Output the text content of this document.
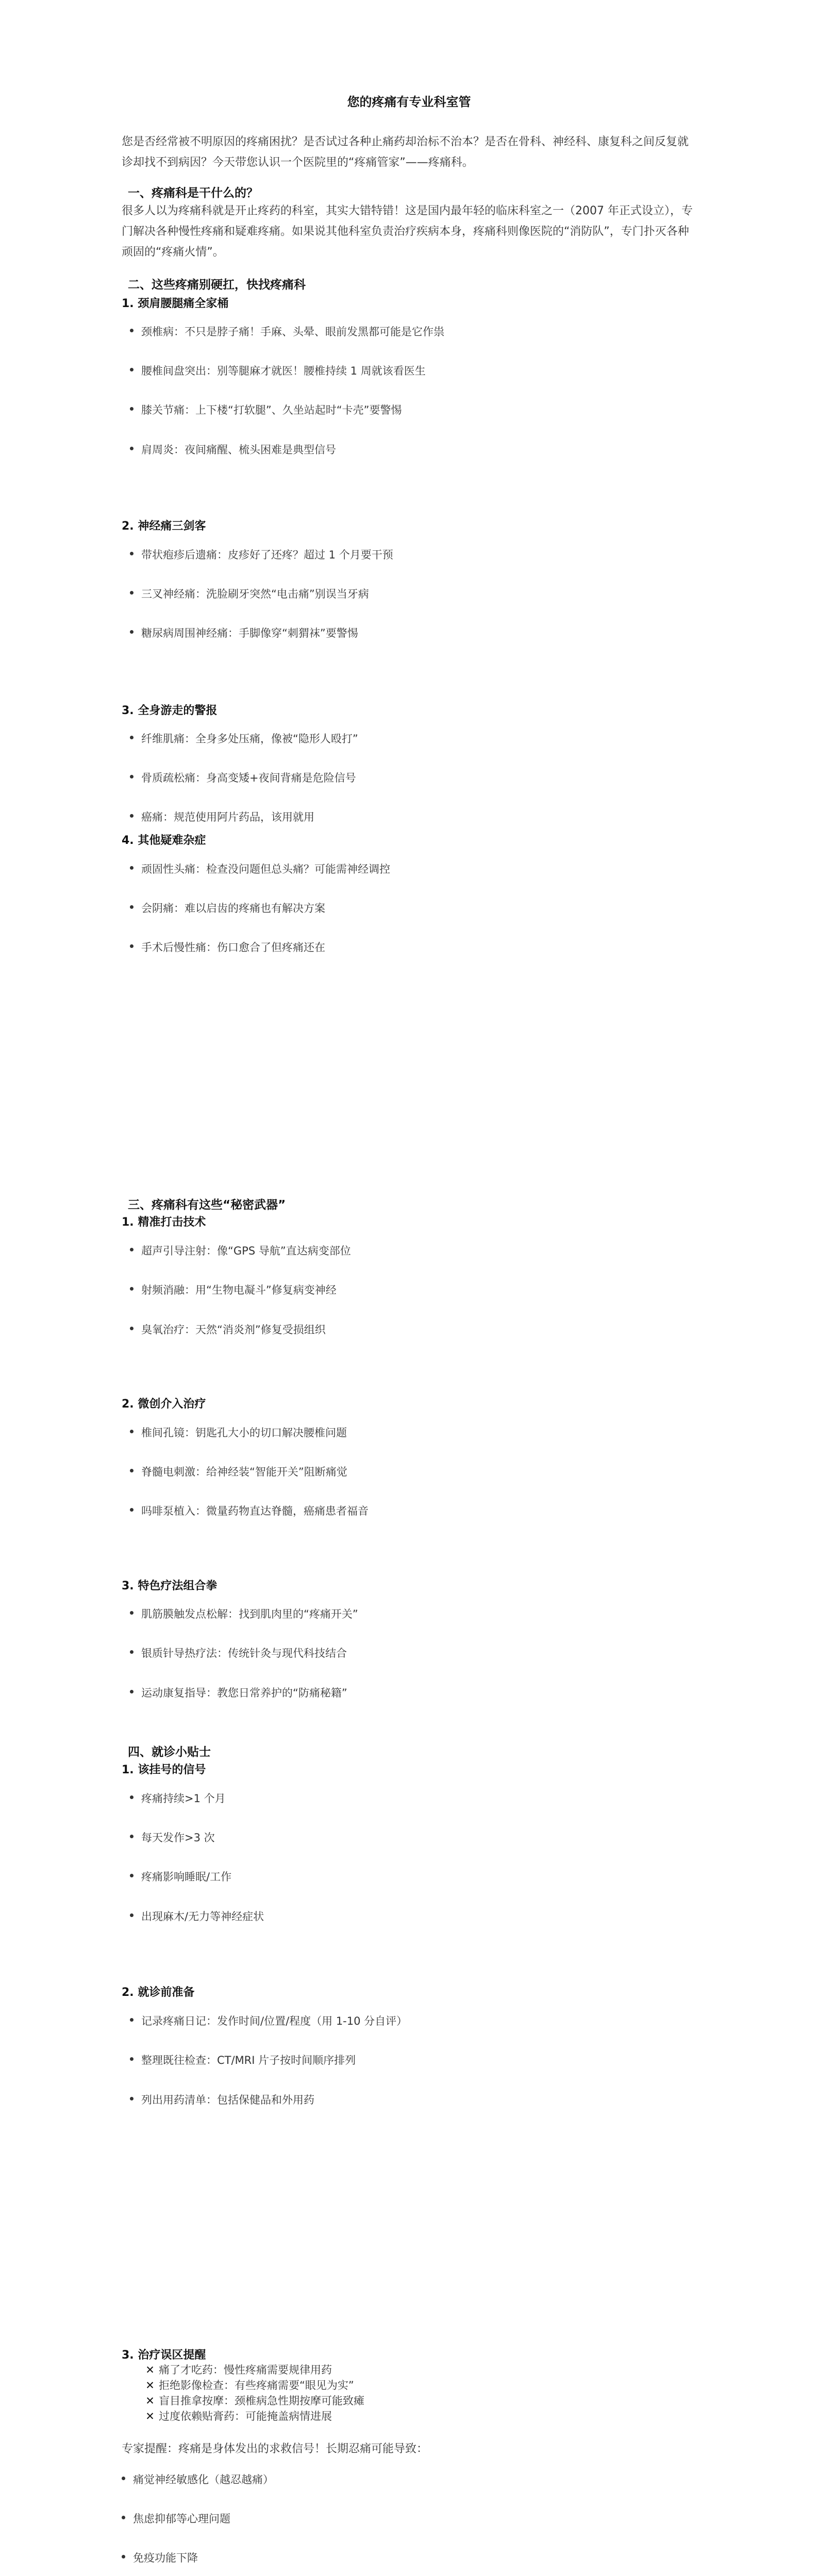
您的疼痛有专业科室管
您是否经常被不明原因的疼痛困扰？是否试过各种止痛药却治标不治本？是否在骨科、神经科、康复科之间反复就诊却找不到病因？今天带您认识一个医院里的“疼痛管家”——疼痛科。
一、疼痛科是干什么的？
很多人以为疼痛科就是开止疼药的科室，其实大错特错！这是国内最年轻的临床科室之一（2007 年正式设立），专门解决各种慢性疼痛和疑难疼痛。如果说其他科室负责治疗疾病本身，疼痛科则像医院的“消防队”，专门扑灭各种顽固的“疼痛火情”。
二、这些疼痛别硬扛，快找疼痛科
1. 颈肩腰腿痛全家桶
颈椎病：不只是脖子痛！手麻、头晕、眼前发黑都可能是它作祟
腰椎间盘突出：别等腿麻才就医！腰椎持续 1 周就该看医生
膝关节痛：上下楼“打软腿”、久坐站起时“卡壳”要警惕
肩周炎：夜间痛醒、梳头困难是典型信号
2. 神经痛三剑客
带状疱疹后遗痛：皮疹好了还疼？超过 1 个月要干预
三叉神经痛：洗脸刷牙突然“电击痛”别误当牙病
糖尿病周围神经痛：手脚像穿“刺猬袜”要警惕
3. 全身游走的警报
纤维肌痛：全身多处压痛，像被“隐形人殴打”
骨质疏松痛：身高变矮+夜间背痛是危险信号
癌痛：规范使用阿片药品，该用就用
4. 其他疑难杂症
顽固性头痛：检查没问题但总头痛？可能需神经调控
会阴痛：难以启齿的疼痛也有解决方案
手术后慢性痛：伤口愈合了但疼痛还在
三、疼痛科有这些“秘密武器”
1. 精准打击技术
超声引导注射：像“GPS 导航”直达病变部位
射频消融：用“生物电凝斗”修复病变神经
臭氧治疗：天然“消炎剂”修复受损组织
2. 微创介入治疗
椎间孔镜：钥匙孔大小的切口解决腰椎问题
脊髓电刺激：给神经装“智能开关”阻断痛觉
吗啡泵植入：微量药物直达脊髓，癌痛患者福音
3. 特色疗法组合拳
肌筋膜触发点松解：找到肌肉里的“疼痛开关”
银质针导热疗法：传统针灸与现代科技结合
运动康复指导：教您日常养护的“防痛秘籍”
四、就诊小贴士
1. 该挂号的信号
疼痛持续>1 个月
每天发作>3 次
疼痛影响睡眠/工作
出现麻木/无力等神经症状
2. 就诊前准备
记录疼痛日记：发作时间/位置/程度（用 1-10 分自评）
整理既往检查：CT/MRI 片子按时间顺序排列
列出用药清单：包括保健品和外用药
3. 治疗误区提醒
✕ 痛了才吃药：慢性疼痛需要规律用药
✕ 拒绝影像检查：有些疼痛需要“眼见为实”
✕ 盲目推拿按摩：颈椎病急性期按摩可能致瘫
✕ 过度依赖贴膏药：可能掩盖病情进展
专家提醒：疼痛是身体发出的求救信号！长期忍痛可能导致：
痛觉神经敏感化（越忍越痛）
焦虑抑郁等心理问题
免疫功能下降
